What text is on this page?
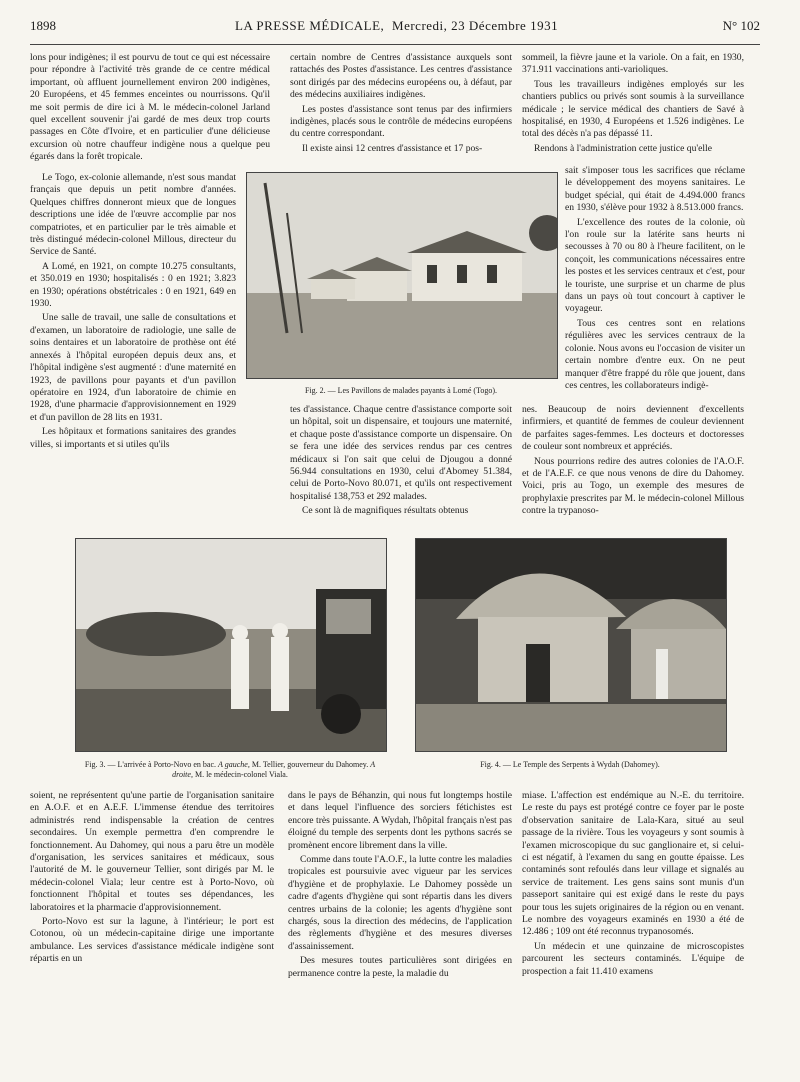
1898	LA PRESSE MÉDICALE, Mercredi, 23 Décembre 1931	N° 102

lons pour indigènes; il est pourvu de tout ce qui est nécessaire pour répondre à l'activité très grande de ce centre médical important, où affluent journellement environ 200 indigènes, 20 Européens, et 45 femmes enceintes ou nourrissons. Qu'il me soit permis de dire ici à M. le médecin-colonel Jarland quel excellent souvenir j'ai gardé de mes deux trop courts passages en Côte d'Ivoire, et en particulier d'une délicieuse excursion où notre chauffeur indigène nous a quelque peu égarés dans la forêt tropicale.

Le Togo, ex-colonie allemande, n'est sous mandat français que depuis un petit nombre d'années. Quelques chiffres donneront mieux que de longues descriptions une idée de l'œuvre accomplie par nos compatriotes, et en particulier par le très aimable et très distingué médecin-colonel Millous, directeur du Service de Santé.

A Lomé, en 1921, on compte 10.275 consultants, et 350.019 en 1930; hospitalisés : 0 en 1921; 3.823 en 1930; opérations obstétricales : 0 en 1921, 649 en 1930.

Une salle de travail, une salle de consultations et d'examen, un laboratoire de radiologie, une salle de soins dentaires et un laboratoire de prothèse ont été annexés à l'hôpital européen depuis deux ans, et l'hôpital indigène s'est augmenté : d'une maternité en 1923, de pavillons pour payants et d'un pavillon opératoire en 1924, d'un laboratoire de chimie en 1928, d'une pharmacie d'approvisionnement en 1929 et d'un pavillon de 28 lits en 1931.

Les hôpitaux et formations sanitaires des grandes villes, si importants et si utiles qu'ils

certain nombre de Centres d'assistance auxquels sont rattachés des Postes d'assistance. Les centres d'assistance sont dirigés par des médecins européens ou, à défaut, par des médecins auxiliaires indigènes.

Les postes d'assistance sont tenus par des infirmiers indigènes, placés sous le contrôle de médecins européens du centre correspondant.

Il existe ainsi 12 centres d'assistance et 17 pos-

sommeil, la fièvre jaune et la variole. On a fait, en 1930, 371.911 vaccinations anti-varioliques.

Tous les travailleurs indigènes employés sur les chantiers publics ou privés sont soumis à la surveillance médicale ; le service médical des chantiers de Savé à hospitalisé, en 1930, 4 Européens et 1.526 indigènes. Le total des décès n'a pas dépassé 11.

Rendons à l'administration cette justice qu'elle

sait s'imposer tous les sacrifices que réclame le développement des moyens sanitaires. Le budget spécial, qui était de 4.494.000 francs en 1930, s'élève pour 1932 à 8.513.000 francs.

L'excellence des routes de la colonie, où l'on roule sur la latérite sans heurts ni secousses à 70 ou 80 à l'heure facilitent, on le conçoit, les communications nécessaires entre les postes et les services centraux et c'est, pour le touriste, une surprise et un charme de plus dans un pays où tout concourt à captiver le voyageur.

Tous ces centres sont en relations régulières avec les services centraux de la colonie. Nous avons eu l'occasion de visiter un certain nombre d'entre eux. On ne peut manquer d'être frappé du rôle que jouent, dans ces centres, les collaborateurs indigè-

Fig. 2. — Les Pavillons de malades payants à Lomé (Togo).

tes d'assistance. Chaque centre d'assistance comporte soit un hôpital, soit un dispensaire, et toujours une maternité, et chaque poste d'assistance comporte un dispensaire. On se fera une idée des services rendus par ces centres médicaux si l'on sait que celui de Djougou a donné 56.944 consultations en 1930, celui d'Abomey 51.384, celui de Porto-Novo 80.071, et qu'ils ont respectivement hospitalisé 138,753 et 292 malades.

Ce sont là de magnifiques résultats obtenus

nes. Beaucoup de noirs deviennent d'excellents infirmiers, et quantité de femmes de couleur deviennent de parfaites sages-femmes. Les docteurs et doctoresses de couleur sont nombreux et appréciés.

Nous pourrions redire des autres colonies de l'A.O.F. et de l'A.E.F. ce que nous venons de dire du Dahomey. Voici, pris au Togo, un exemple des mesures de prophylaxie prescrites par M. le médecin-colonel Millous contre la trypanoso-

Fig. 3. — L'arrivée à Porto-Novo en bac. A gauche, M. Tellier, gouverneur du Dahomey. A droite, M. le médecin-colonel Viala.
Fig. 4. — Le Temple des Serpents à Wydah (Dahomey).

soient, ne représentent qu'une partie de l'organisation sanitaire en A.O.F. et en A.E.F. L'immense étendue des territoires administrés rend indispensable la création de centres secondaires. Un exemple permettra d'en comprendre le fonctionnement. Au Dahomey, qui nous a paru être un modèle d'organisation, les services sanitaires et médicaux, sous l'autorité de M. le gouverneur Tellier, sont dirigés par M. le médecin-colonel Viala; leur centre est à Porto-Novo, où fonctionnent l'hôpital et toutes ses dépendances, les laboratoires et la pharmacie d'approvisionnement.

Porto-Novo est sur la lagune, à l'intérieur; le port est Cotonou, où un médecin-capitaine dirige une importante ambulance. Les services d'assistance médicale indigène sont répartis en un

dans le pays de Béhanzin, qui nous fut longtemps hostile et dans lequel l'influence des sorciers fétichistes est encore très puissante. A Wydah, l'hôpital français n'est pas éloigné du temple des serpents dont les pythons sacrés se promènent encore librement dans la ville.

Comme dans toute l'A.O.F., la lutte contre les maladies tropicales est poursuivie avec vigueur par les services d'hygiène et de prophylaxie. Le Dahomey possède un cadre d'agents d'hygiène qui sont répartis dans les divers centres urbains de la colonie; les agents d'hygiène sont chargés, sous la direction des médecins, de l'application des règlements d'hygiène et des mesures diverses d'assainissement.

Des mesures toutes particulières sont dirigées en permanence contre la peste, la maladie du

miase. L'affection est endémique au N.-E. du territoire. Le reste du pays est protégé contre ce foyer par le poste d'observation sanitaire de Lala-Kara, situé au seul passage de la rivière. Tous les voyageurs y sont soumis à l'examen microscopique du suc ganglionaire et, si celui-ci est négatif, à l'examen du sang en goutte épaisse. Les contaminés sont refoulés dans leur village et signalés au service de traitement. Les gens sains sont munis d'un passeport sanitaire qui est exigé dans le reste du pays pour tous les sujets originaires de la région ou en venant. Le nombre des voyageurs examinés en 1930 a été de 12.486 ; 109 ont été reconnus trypanosomés.

Un médecin et une quinzaine de microscopistes parcourent les secteurs contaminés. L'équipe de prospection a fait 11.410 examens
